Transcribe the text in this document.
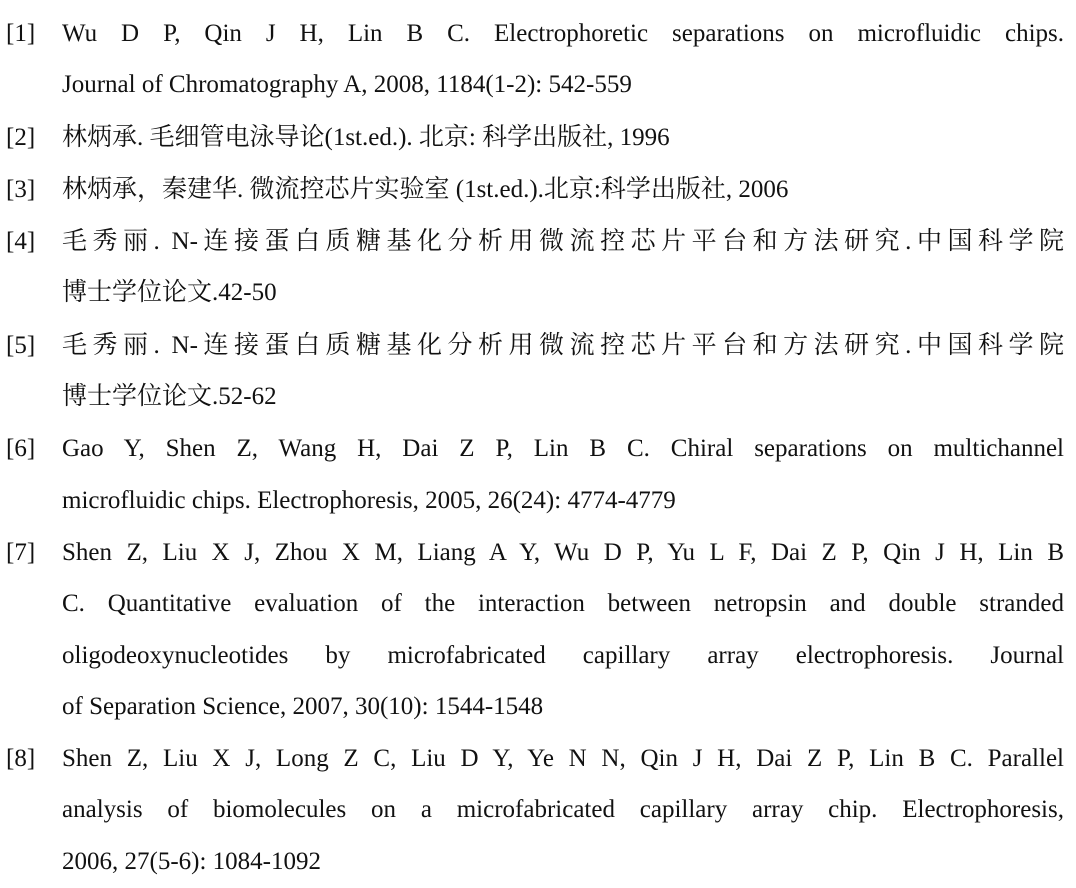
[1] Wu D P, Qin J H, Lin B C. Electrophoretic separations on microfluidic chips.
Journal of Chromatography A, 2008, 1184(1-2): 542-559
[2] 林炳承. 毛细管电泳导论(1st.ed.). 北京: 科学出版社, 1996
[3] 林炳承，秦建华. 微流控芯片实验室 (1st.ed.).北京:科学出版社, 2006
[4] 毛秀丽. N-连接蛋白质糖基化分析用微流控芯片平台和方法研究.中国科学院
博士学位论文.42-50
[5] 毛秀丽. N-连接蛋白质糖基化分析用微流控芯片平台和方法研究.中国科学院
博士学位论文.52-62
[6] Gao Y, Shen Z, Wang H, Dai Z P, Lin B C. Chiral separations on multichannel
microfluidic chips. Electrophoresis, 2005, 26(24): 4774-4779
[7] Shen Z, Liu X J, Zhou X M, Liang A Y, Wu D P, Yu L F, Dai Z P, Qin J H, Lin B
C. Quantitative evaluation of the interaction between netropsin and double stranded
oligodeoxynucleotides by microfabricated capillary array electrophoresis. Journal
of Separation Science, 2007, 30(10): 1544-1548
[8] Shen Z, Liu X J, Long Z C, Liu D Y, Ye N N, Qin J H, Dai Z P, Lin B C. Parallel
analysis of biomolecules on a microfabricated capillary array chip. Electrophoresis,
2006, 27(5-6): 1084-1092
